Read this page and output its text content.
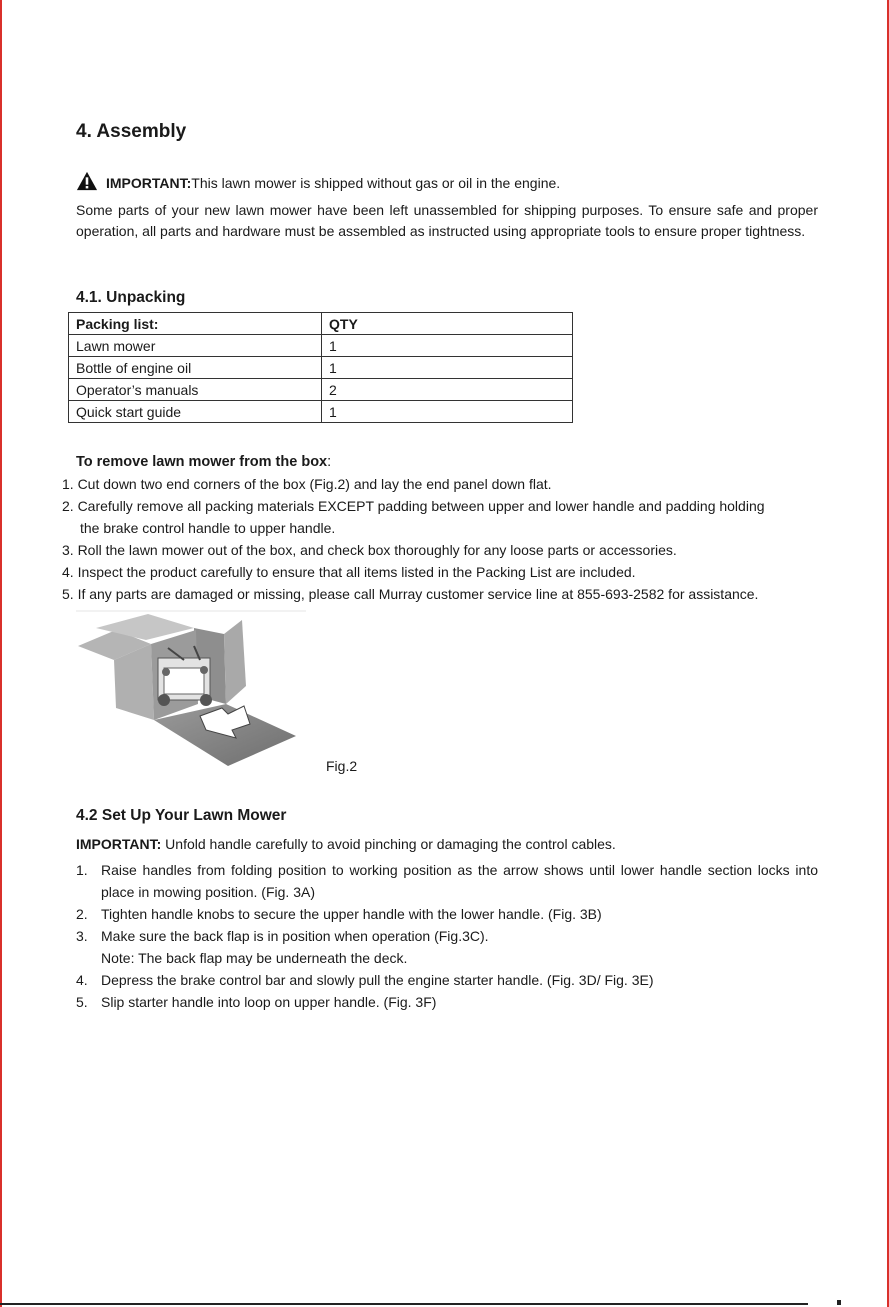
4. Assembly
IMPORTANT: This lawn mower is shipped without gas or oil in the engine.

Some parts of your new lawn mower have been left unassembled for shipping purposes. To ensure safe and proper operation, all parts and hardware must be assembled as instructed using appropriate tools to ensure proper tightness.

4.1. Unpacking
Packing list:	QTY
Lawn mower	1
Bottle of engine oil	1
Operator’s manuals	2
Quick start guide	1
To remove lawn mower from the box:
1. Cut down two end corners of the box (Fig.2) and lay the end panel down flat.
2. Carefully remove all packing materials EXCEPT padding between upper and lower handle and padding holding
the brake control handle to upper handle.
3. Roll the lawn mower out of the box, and check box thoroughly for any loose parts or accessories.
4. Inspect the product carefully to ensure that all items listed in the Packing List are included.
5. If any parts are damaged or missing, please call Murray customer service line at 855-693-2582 for assistance.
Fig.2
4.2 Set Up Your Lawn Mower
IMPORTANT: Unfold handle carefully to avoid pinching or damaging the control cables.
1. Raise handles from folding position to working position as the arrow shows until lower handle section locks into place in mowing position. (Fig. 3A)
2. Tighten handle knobs to secure the upper handle with the lower handle. (Fig. 3B)
3. Make sure the back flap is in position when operation (Fig.3C).
Note: The back flap may be underneath the deck.
4. Depress the brake control bar and slowly pull the engine starter handle. (Fig. 3D/ Fig. 3E)
5. Slip starter handle into loop on upper handle. (Fig. 3F)
